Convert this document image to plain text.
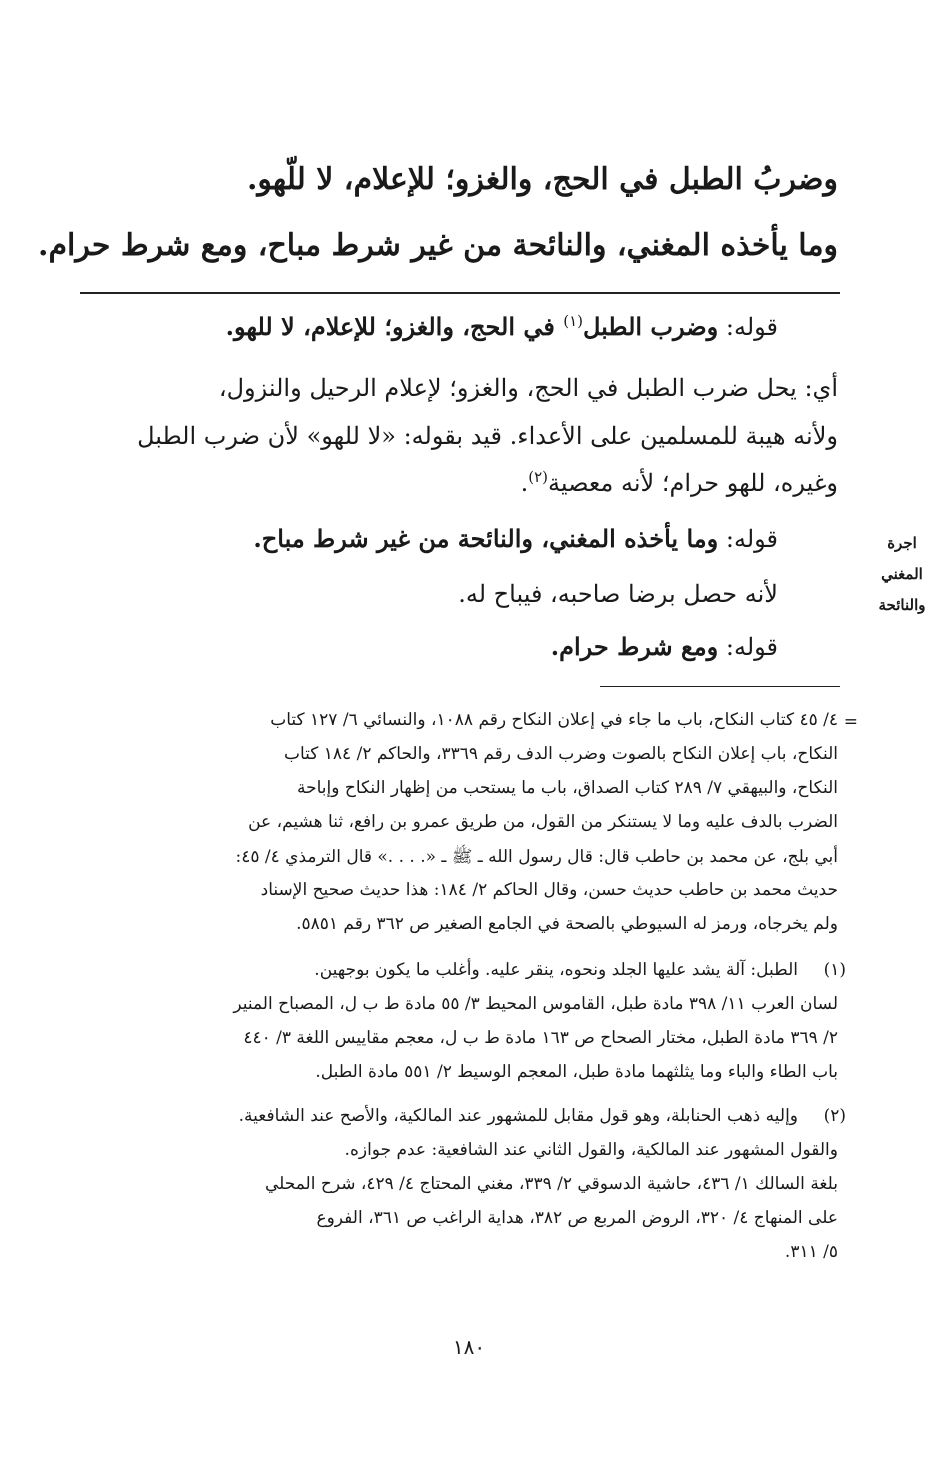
وضربُ الطبل في الحج، والغزو؛ للإعلام، لا للّهو.
وما يأخذه المغني، والنائحة من غير شرط مباح، ومع شرط حرام.
قوله: وضرب الطبل$^{(١)}$ في الحج، والغزو؛ للإعلام، لا للهو.
أي: يحل ضرب الطبل في الحج، والغزو؛ لإعلام الرحيل والنزول،
ولأنه هيبة للمسلمين على الأعداء. قيد بقوله: «لا للهو» لأن ضرب الطبل
وغيره، للهو حرام؛ لأنه معصية$^{(٢)}$.
قوله: وما يأخذه المغني، والنائحة من غير شرط مباح.
لأنه حصل برضا صاحبه، فيباح له.
قوله: ومع شرط حرام.
اجرة
المغني
والنائحة
=
٤/ ٤٥ كتاب النكاح، باب ما جاء في إعلان النكاح رقم ١٠٨٨، والنسائي ٦/ ١٢٧ كتاب
النكاح، باب إعلان النكاح بالصوت وضرب الدف رقم ٣٣٦٩، والحاكم ٢/ ١٨٤ كتاب
النكاح، والبيهقي ٧/ ٢٨٩ كتاب الصداق، باب ما يستحب من إظهار النكاح وإباحة
الضرب بالدف عليه وما لا يستنكر من القول، من طريق عمرو بن رافع، ثنا هشيم، عن
أبي بلج، عن محمد بن حاطب قال: قال رسول الله ـ ﷺ ـ «. . . .» قال الترمذي ٤/ ٤٥:
حديث محمد بن حاطب حديث حسن، وقال الحاكم ٢/ ١٨٤: هذا حديث صحيح الإسناد
ولم يخرجاه، ورمز له السيوطي بالصحة في الجامع الصغير ص ٣٦٢ رقم ٥٨٥١.
(١)
الطبل: آلة يشد عليها الجلد ونحوه، ينقر عليه. وأغلب ما يكون بوجهين.
لسان العرب ١١/ ٣٩٨ مادة طبل، القاموس المحيط ٣/ ٥٥ مادة ط ب ل، المصباح المنير
٢/ ٣٦٩ مادة الطبل، مختار الصحاح ص ١٦٣ مادة ط ب ل، معجم مقاييس اللغة ٣/ ٤٤٠
باب الطاء والباء وما يثلثهما مادة طبل، المعجم الوسيط ٢/ ٥٥١ مادة الطبل.
(٢)
وإليه ذهب الحنابلة، وهو قول مقابل للمشهور عند المالكية، والأصح عند الشافعية.
والقول المشهور عند المالكية، والقول الثاني عند الشافعية: عدم جوازه.
بلغة السالك ١/ ٤٣٦، حاشية الدسوقي ٢/ ٣٣٩، مغني المحتاج ٤/ ٤٢٩، شرح المحلي
على المنهاج ٤/ ٣٢٠، الروض المربع ص ٣٨٢، هداية الراغب ص ٣٦١، الفروع
٥/ ٣١١.
١٨٠
